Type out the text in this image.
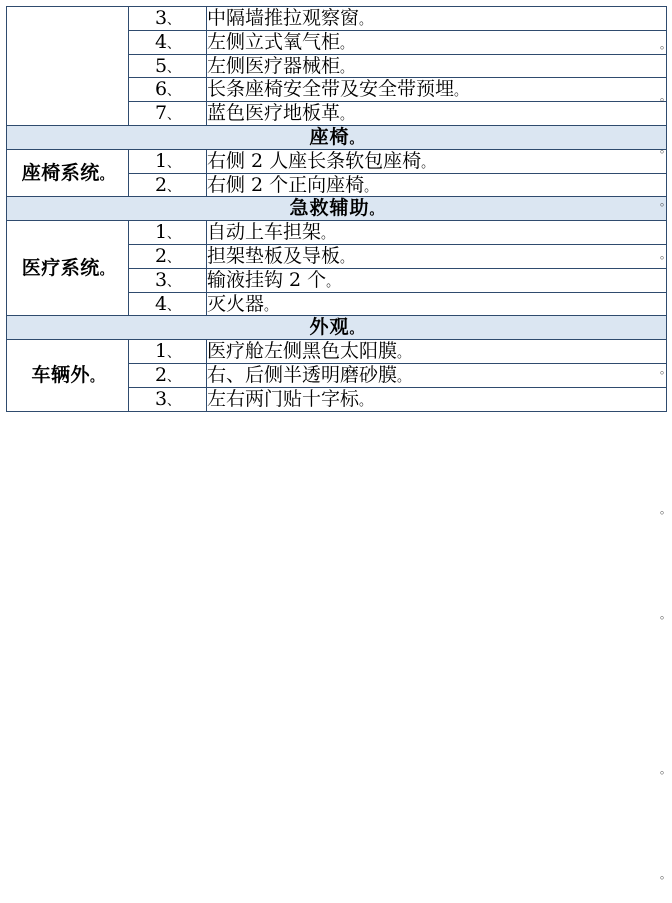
	3、	中隔墙推拉观察窗。
	4、	左侧立式氧气柜。
	5、	左侧医疗器械柜。
	6、	长条座椅安全带及安全带预埋。
	7、	蓝色医疗地板革。
座椅。		
座椅系统。	1、	右侧 2 人座长条软包座椅。
	2、	右侧 2 个正向座椅。
急救辅助。		
医疗系统。	1、	自动上车担架。
	2、	担架垫板及导板。
	3、	输液挂钩 2 个。
	4、	灭火器。
外观。		
车辆外。	1、	医疗舱左侧黑色太阳膜。
	2、	右、后侧半透明磨砂膜。
	3、	左右两门贴十字标。
。
。
。
。
。
。
。
。
。
。
